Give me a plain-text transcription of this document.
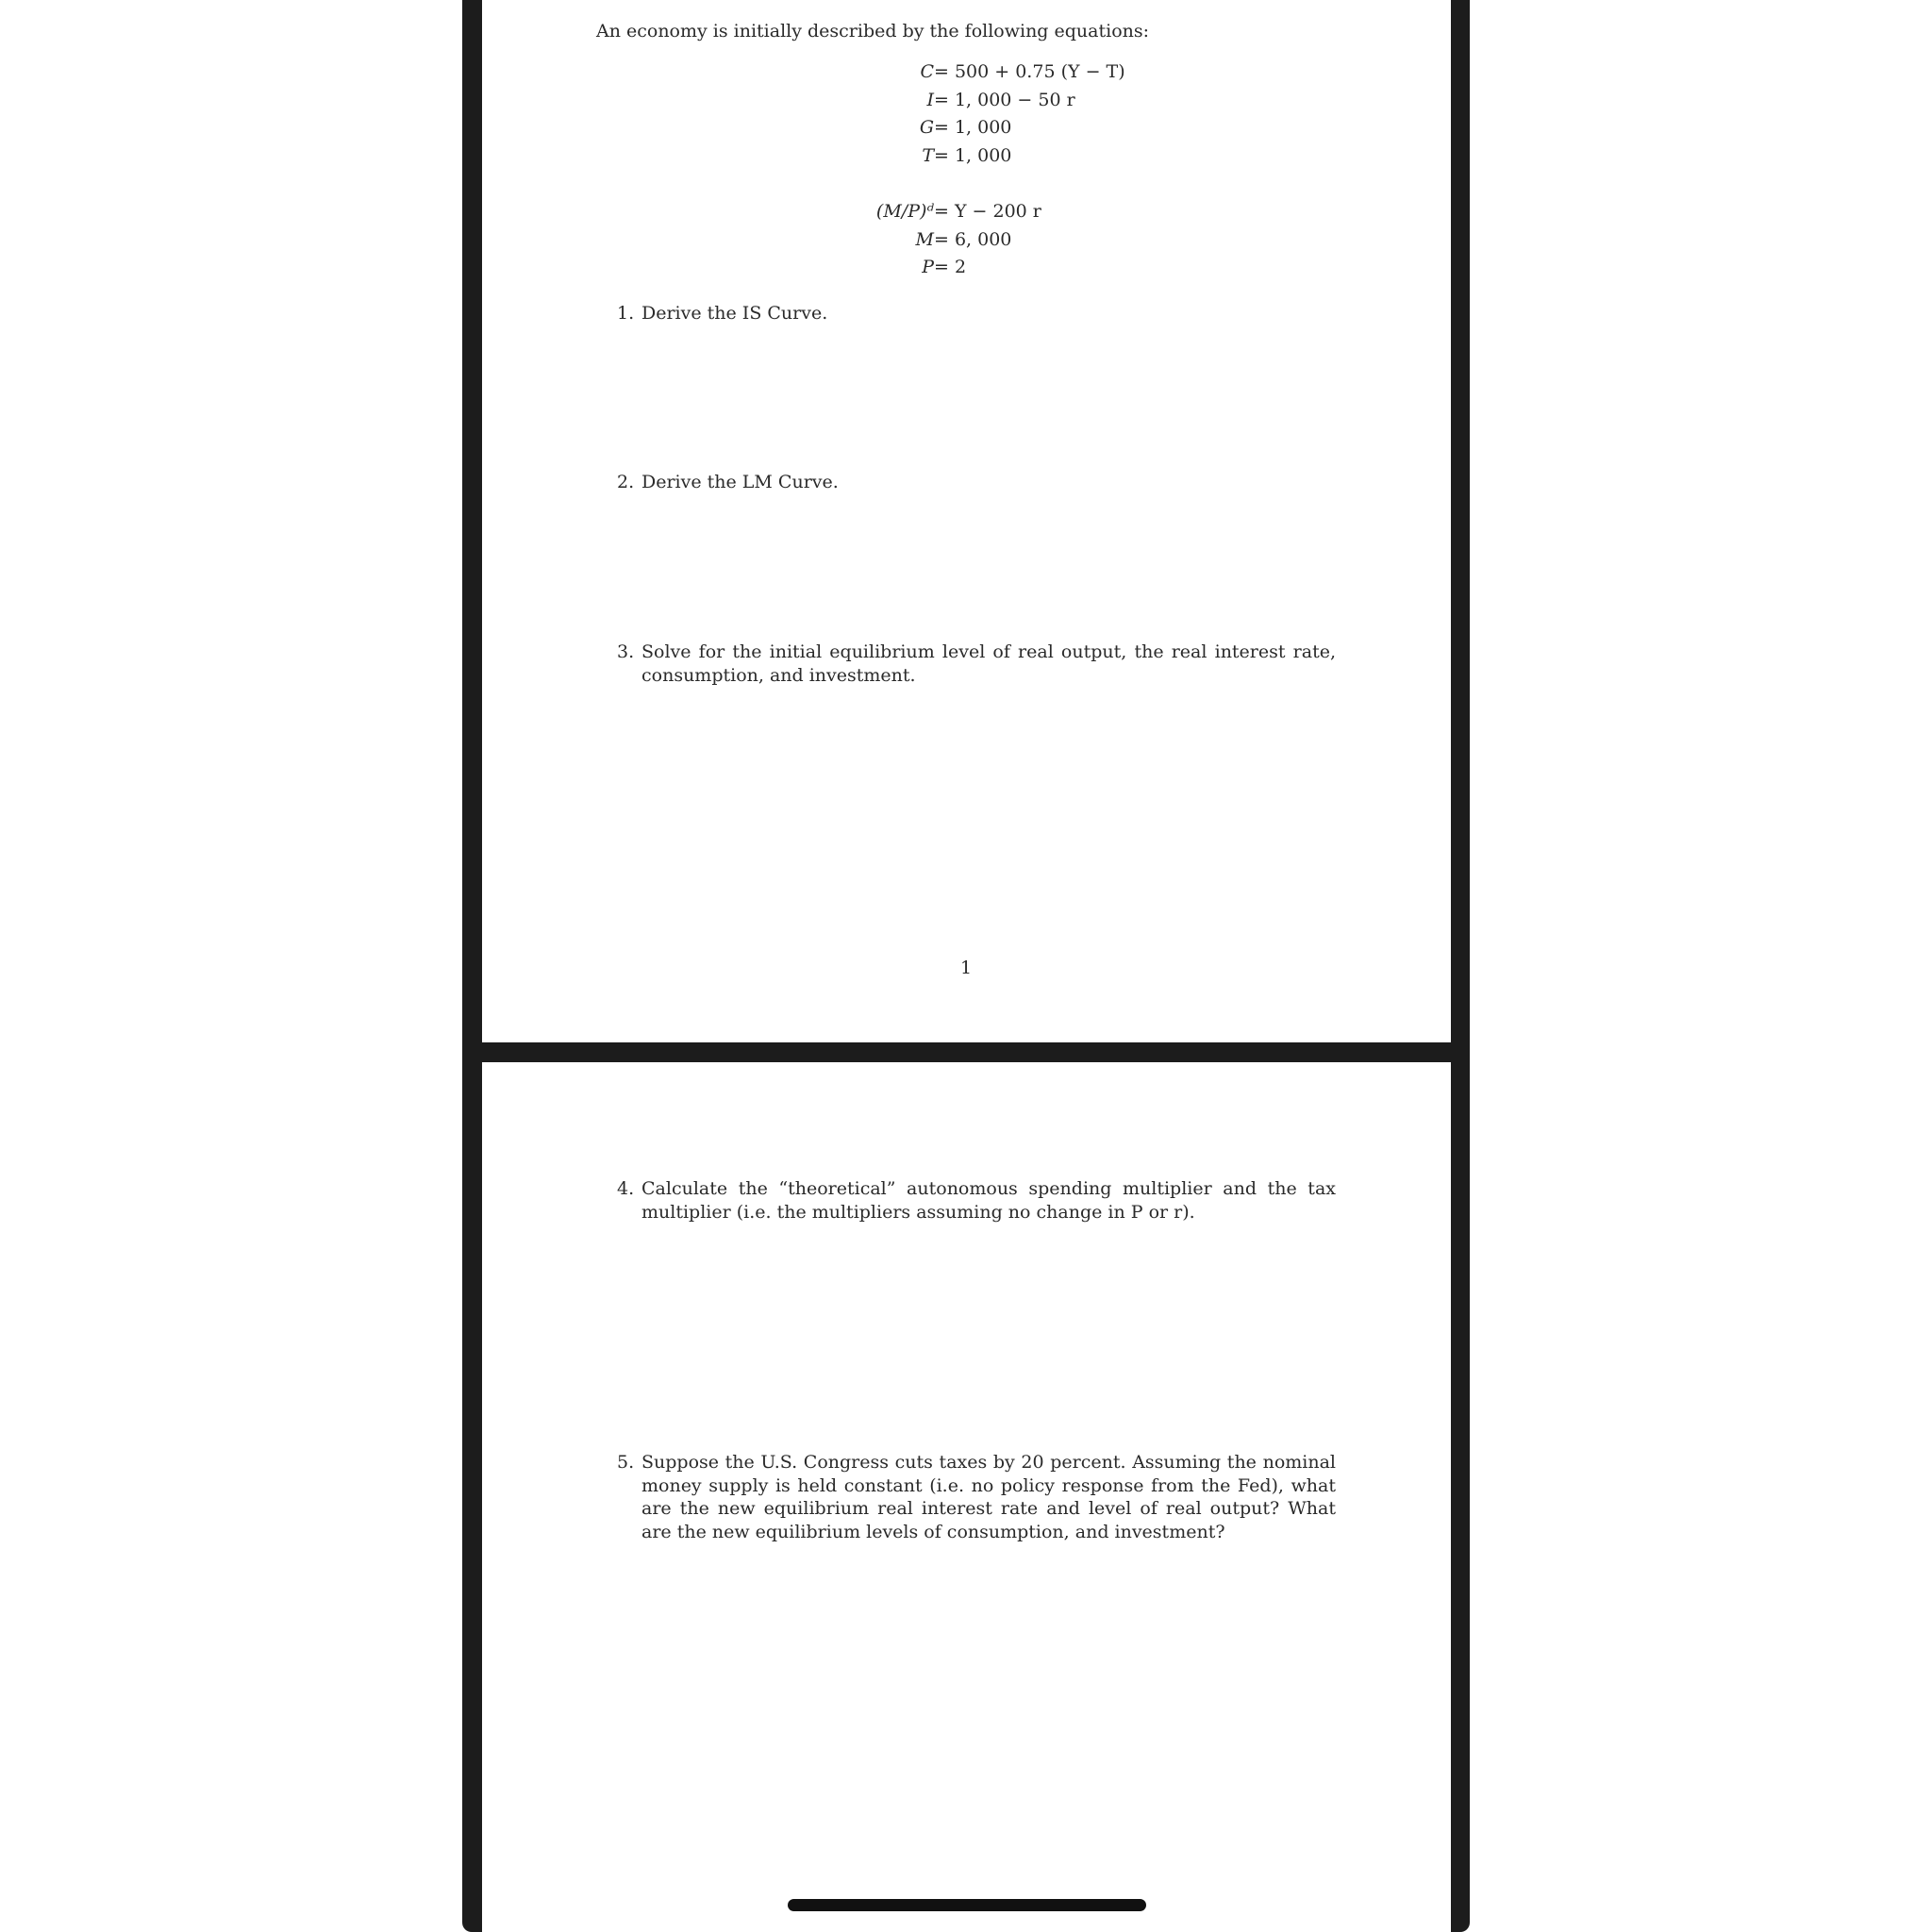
An economy is initially described by the following equations:
C = 500 + 0.75 (Y − T)
I = 1, 000 − 50 r
G = 1, 000
T = 1, 000
(M/P)ᵈ = Y − 200 r
M = 6, 000
P = 2
1. Derive the IS Curve.
2. Derive the LM Curve.
3. Solve for the initial equilibrium level of real output, the real interest rate, consumption, and investment.
1
4. Calculate the “theoretical” autonomous spending multiplier and the tax multiplier (i.e. the multipliers assuming no change in P or r).
5. Suppose the U.S. Congress cuts taxes by 20 percent. Assuming the nominal money supply is held constant (i.e. no policy response from the Fed), what are the new equilibrium real interest rate and level of real output? What are the new equilibrium levels of consumption, and investment?
